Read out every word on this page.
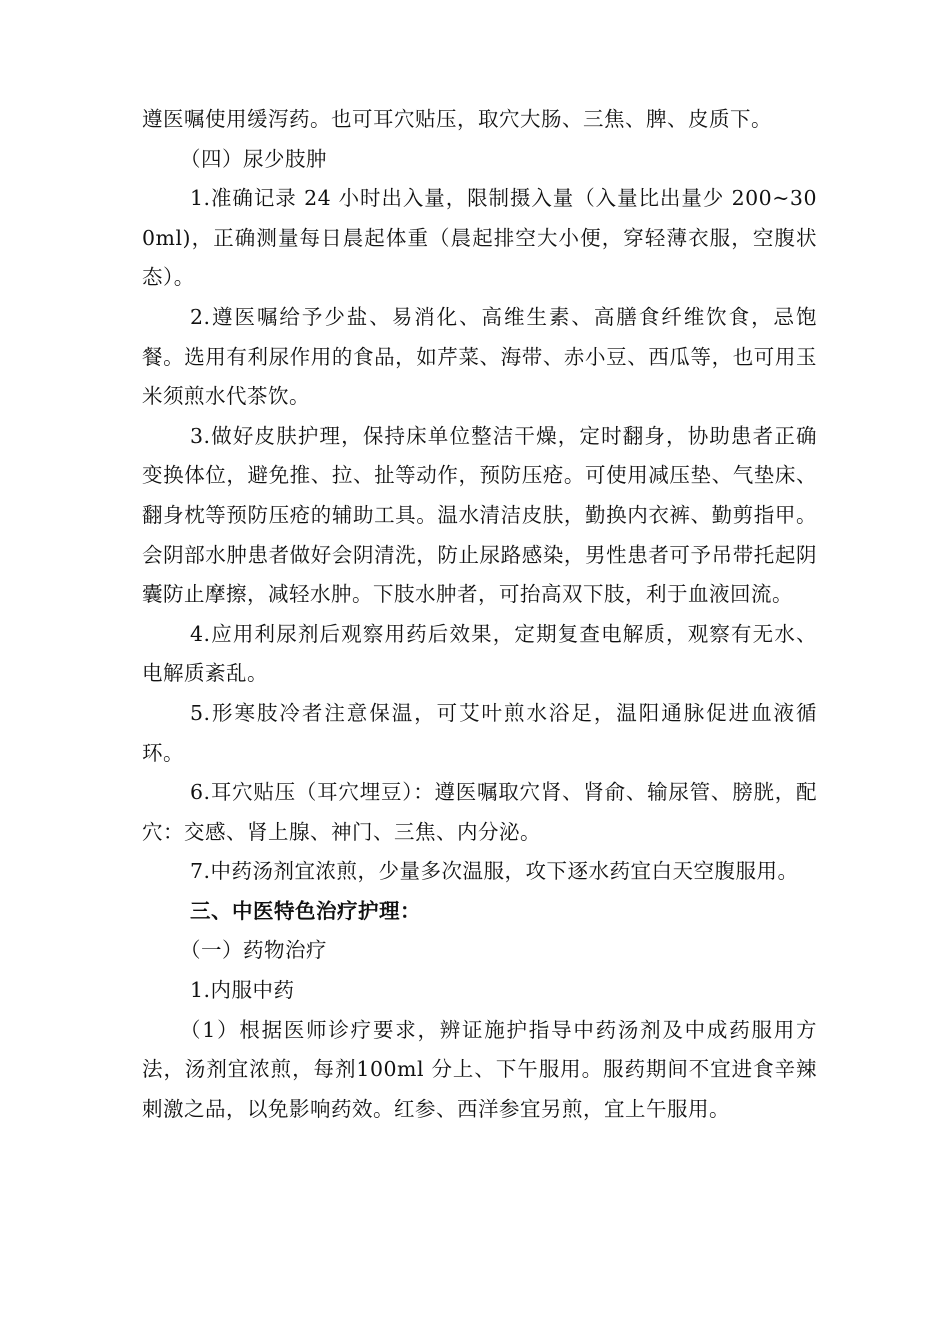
遵医嘱使用缓泻药。也可耳穴贴压，取穴大肠、三焦、脾、皮质下。

（四）尿少肢肿

1.准确记录 24 小时出入量，限制摄入量（入量比出量少 200~300ml)，正确测量每日晨起体重（晨起排空大小便，穿轻薄衣服，空腹状态）。

2.遵医嘱给予少盐、易消化、高维生素、高膳食纤维饮食，忌饱餐。选用有利尿作用的食品，如芹菜、海带、赤小豆、西瓜等，也可用玉米须煎水代茶饮。

3.做好皮肤护理，保持床单位整洁干燥，定时翻身，协助患者正确变换体位，避免推、拉、扯等动作，预防压疮。可使用减压垫、气垫床、翻身枕等预防压疮的辅助工具。温水清洁皮肤，勤换内衣裤、勤剪指甲。会阴部水肿患者做好会阴清洗，防止尿路感染，男性患者可予吊带托起阴囊防止摩擦，减轻水肿。下肢水肿者，可抬高双下肢，利于血液回流。

4.应用利尿剂后观察用药后效果，定期复查电解质，观察有无水、电解质紊乱。

5.形寒肢冷者注意保温，可艾叶煎水浴足，温阳通脉促进血液循环。

6.耳穴贴压（耳穴埋豆）：遵医嘱取穴肾、肾俞、输尿管、膀胱，配穴：交感、肾上腺、神门、三焦、内分泌。

7.中药汤剂宜浓煎，少量多次温服，攻下逐水药宜白天空腹服用。

三、中医特色治疗护理：

（一）药物治疗

1.内服中药

（1）根据医师诊疗要求，辨证施护指导中药汤剂及中成药服用方法，汤剂宜浓煎，每剂100ml 分上、下午服用。服药期间不宜进食辛辣刺激之品，以免影响药效。红参、西洋参宜另煎，宜上午服用。
